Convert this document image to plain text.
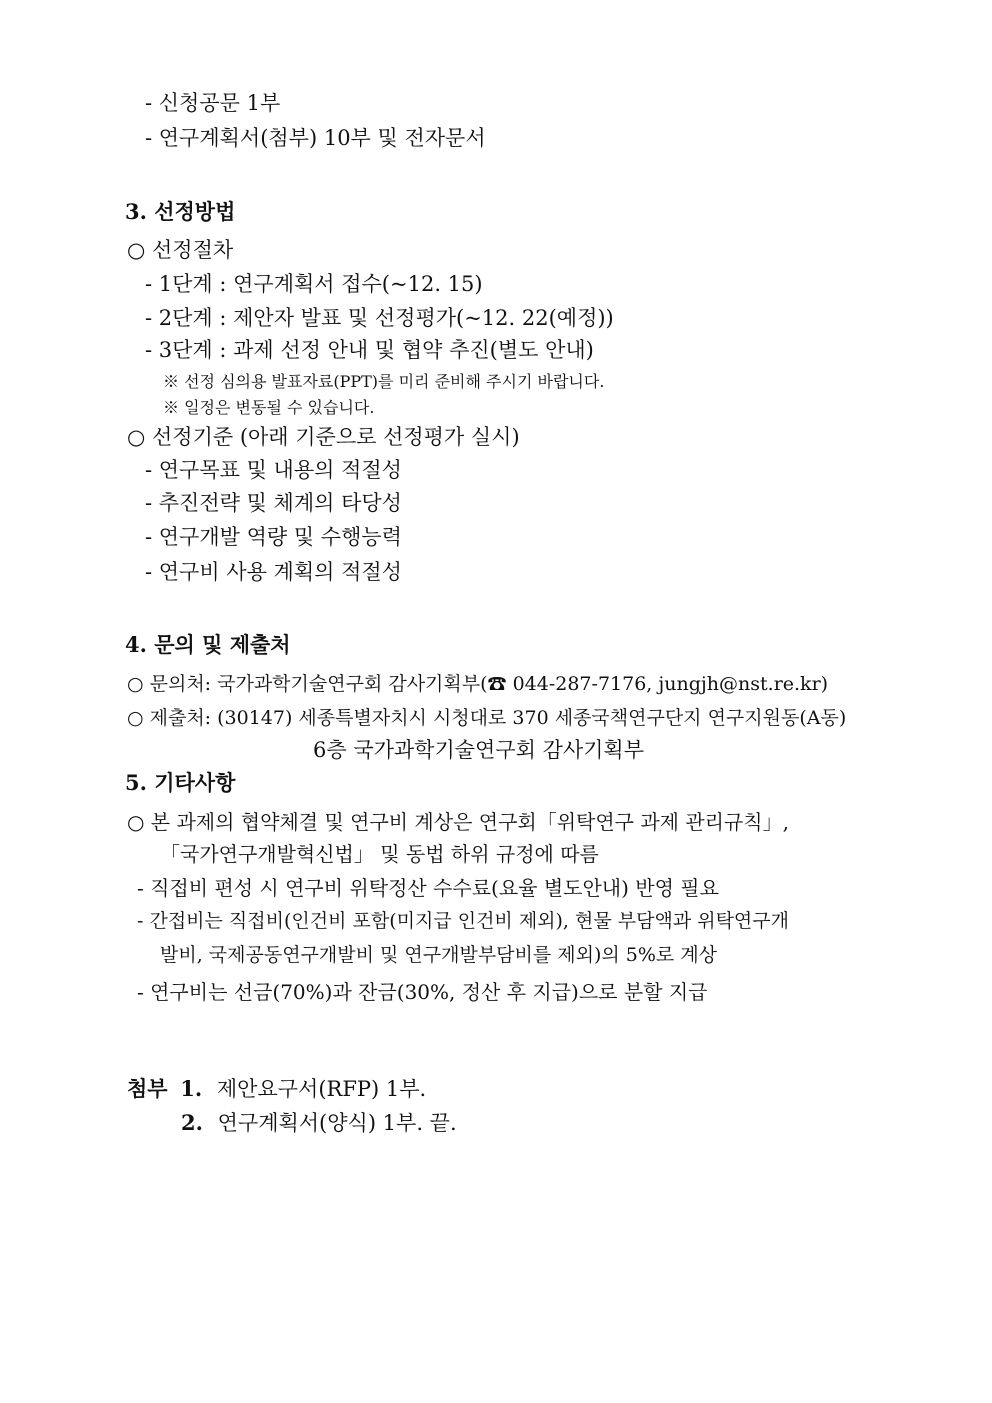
- 신청공문 1부
- 연구계획서(첨부) 10부 및 전자문서
3. 선정방법
○ 선정절차
- 1단계 : 연구계획서 접수(~12. 15)
- 2단계 : 제안자 발표 및 선정평가(~12. 22(예정))
- 3단계 : 과제 선정 안내 및 협약 추진(별도 안내)
※ 선정 심의용 발표자료(PPT)를 미리 준비해 주시기 바랍니다.
※ 일정은 변동될 수 있습니다.
○ 선정기준 (아래 기준으로 선정평가 실시)
- 연구목표 및 내용의 적절성
- 추진전략 및 체계의 타당성
- 연구개발 역량 및 수행능력
- 연구비 사용 계획의 적절성
4. 문의 및 제출처
○ 문의처: 국가과학기술연구회 감사기획부(☎ 044-287-7176, jungjh@nst.re.kr)
○ 제출처: (30147) 세종특별자치시 시청대로 370 세종국책연구단지 연구지원동(A동)
6층 국가과학기술연구회 감사기획부
5. 기타사항
○ 본 과제의 협약체결 및 연구비 계상은 연구회「위탁연구 과제 관리규칙」,
「국가연구개발혁신법」 및 동법 하위 규정에 따름
- 직접비 편성 시 연구비 위탁정산 수수료(요율 별도안내) 반영 필요
- 간접비는 직접비(인건비 포함(미지급 인건비 제외), 현물 부담액과 위탁연구개
발비, 국제공동연구개발비 및 연구개발부담비를 제외)의 5%로 계상
- 연구비는 선금(70%)과 잔금(30%, 정산 후 지급)으로 분할 지급
첨부 1. 제안요구서(RFP) 1부.
2. 연구계획서(양식) 1부. 끝.
